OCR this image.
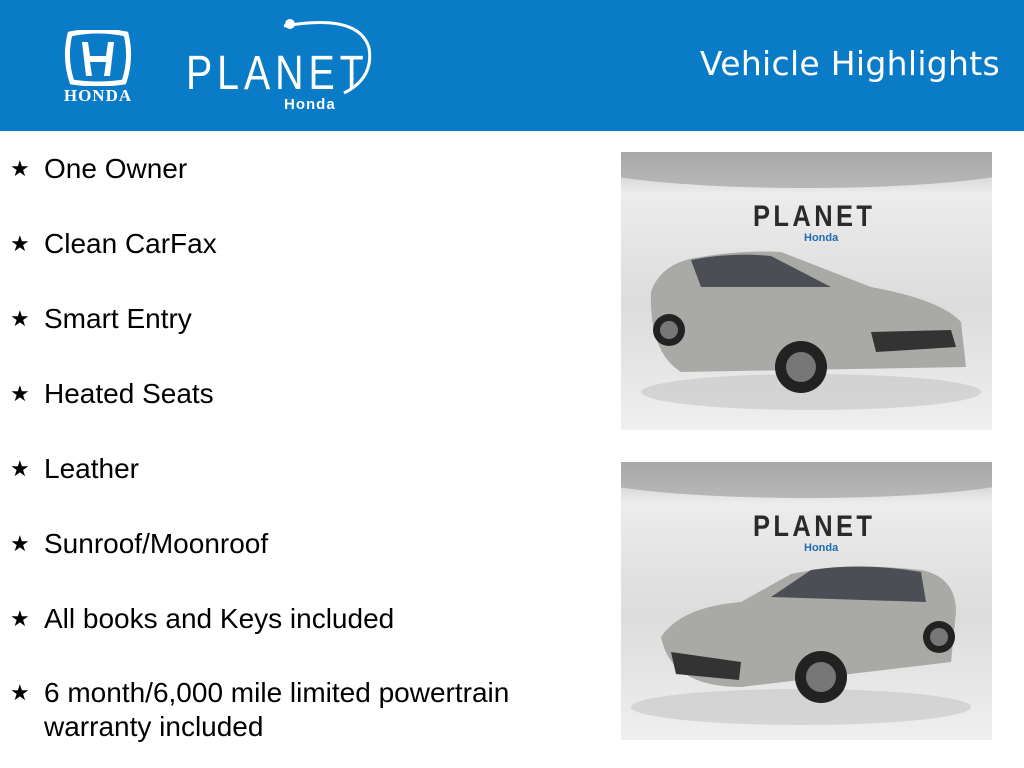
HONDA	PLANET
Honda
Vehicle Highlights
★ One Owner
★ Clean CarFax
★ Smart Entry
★ Heated Seats
★ Leather
★ Sunroof/Moonroof
★ All books and Keys included
★ 6 month/6,000 mile limited powertrain warranty included
PLANET
Honda
PLANET
Honda
